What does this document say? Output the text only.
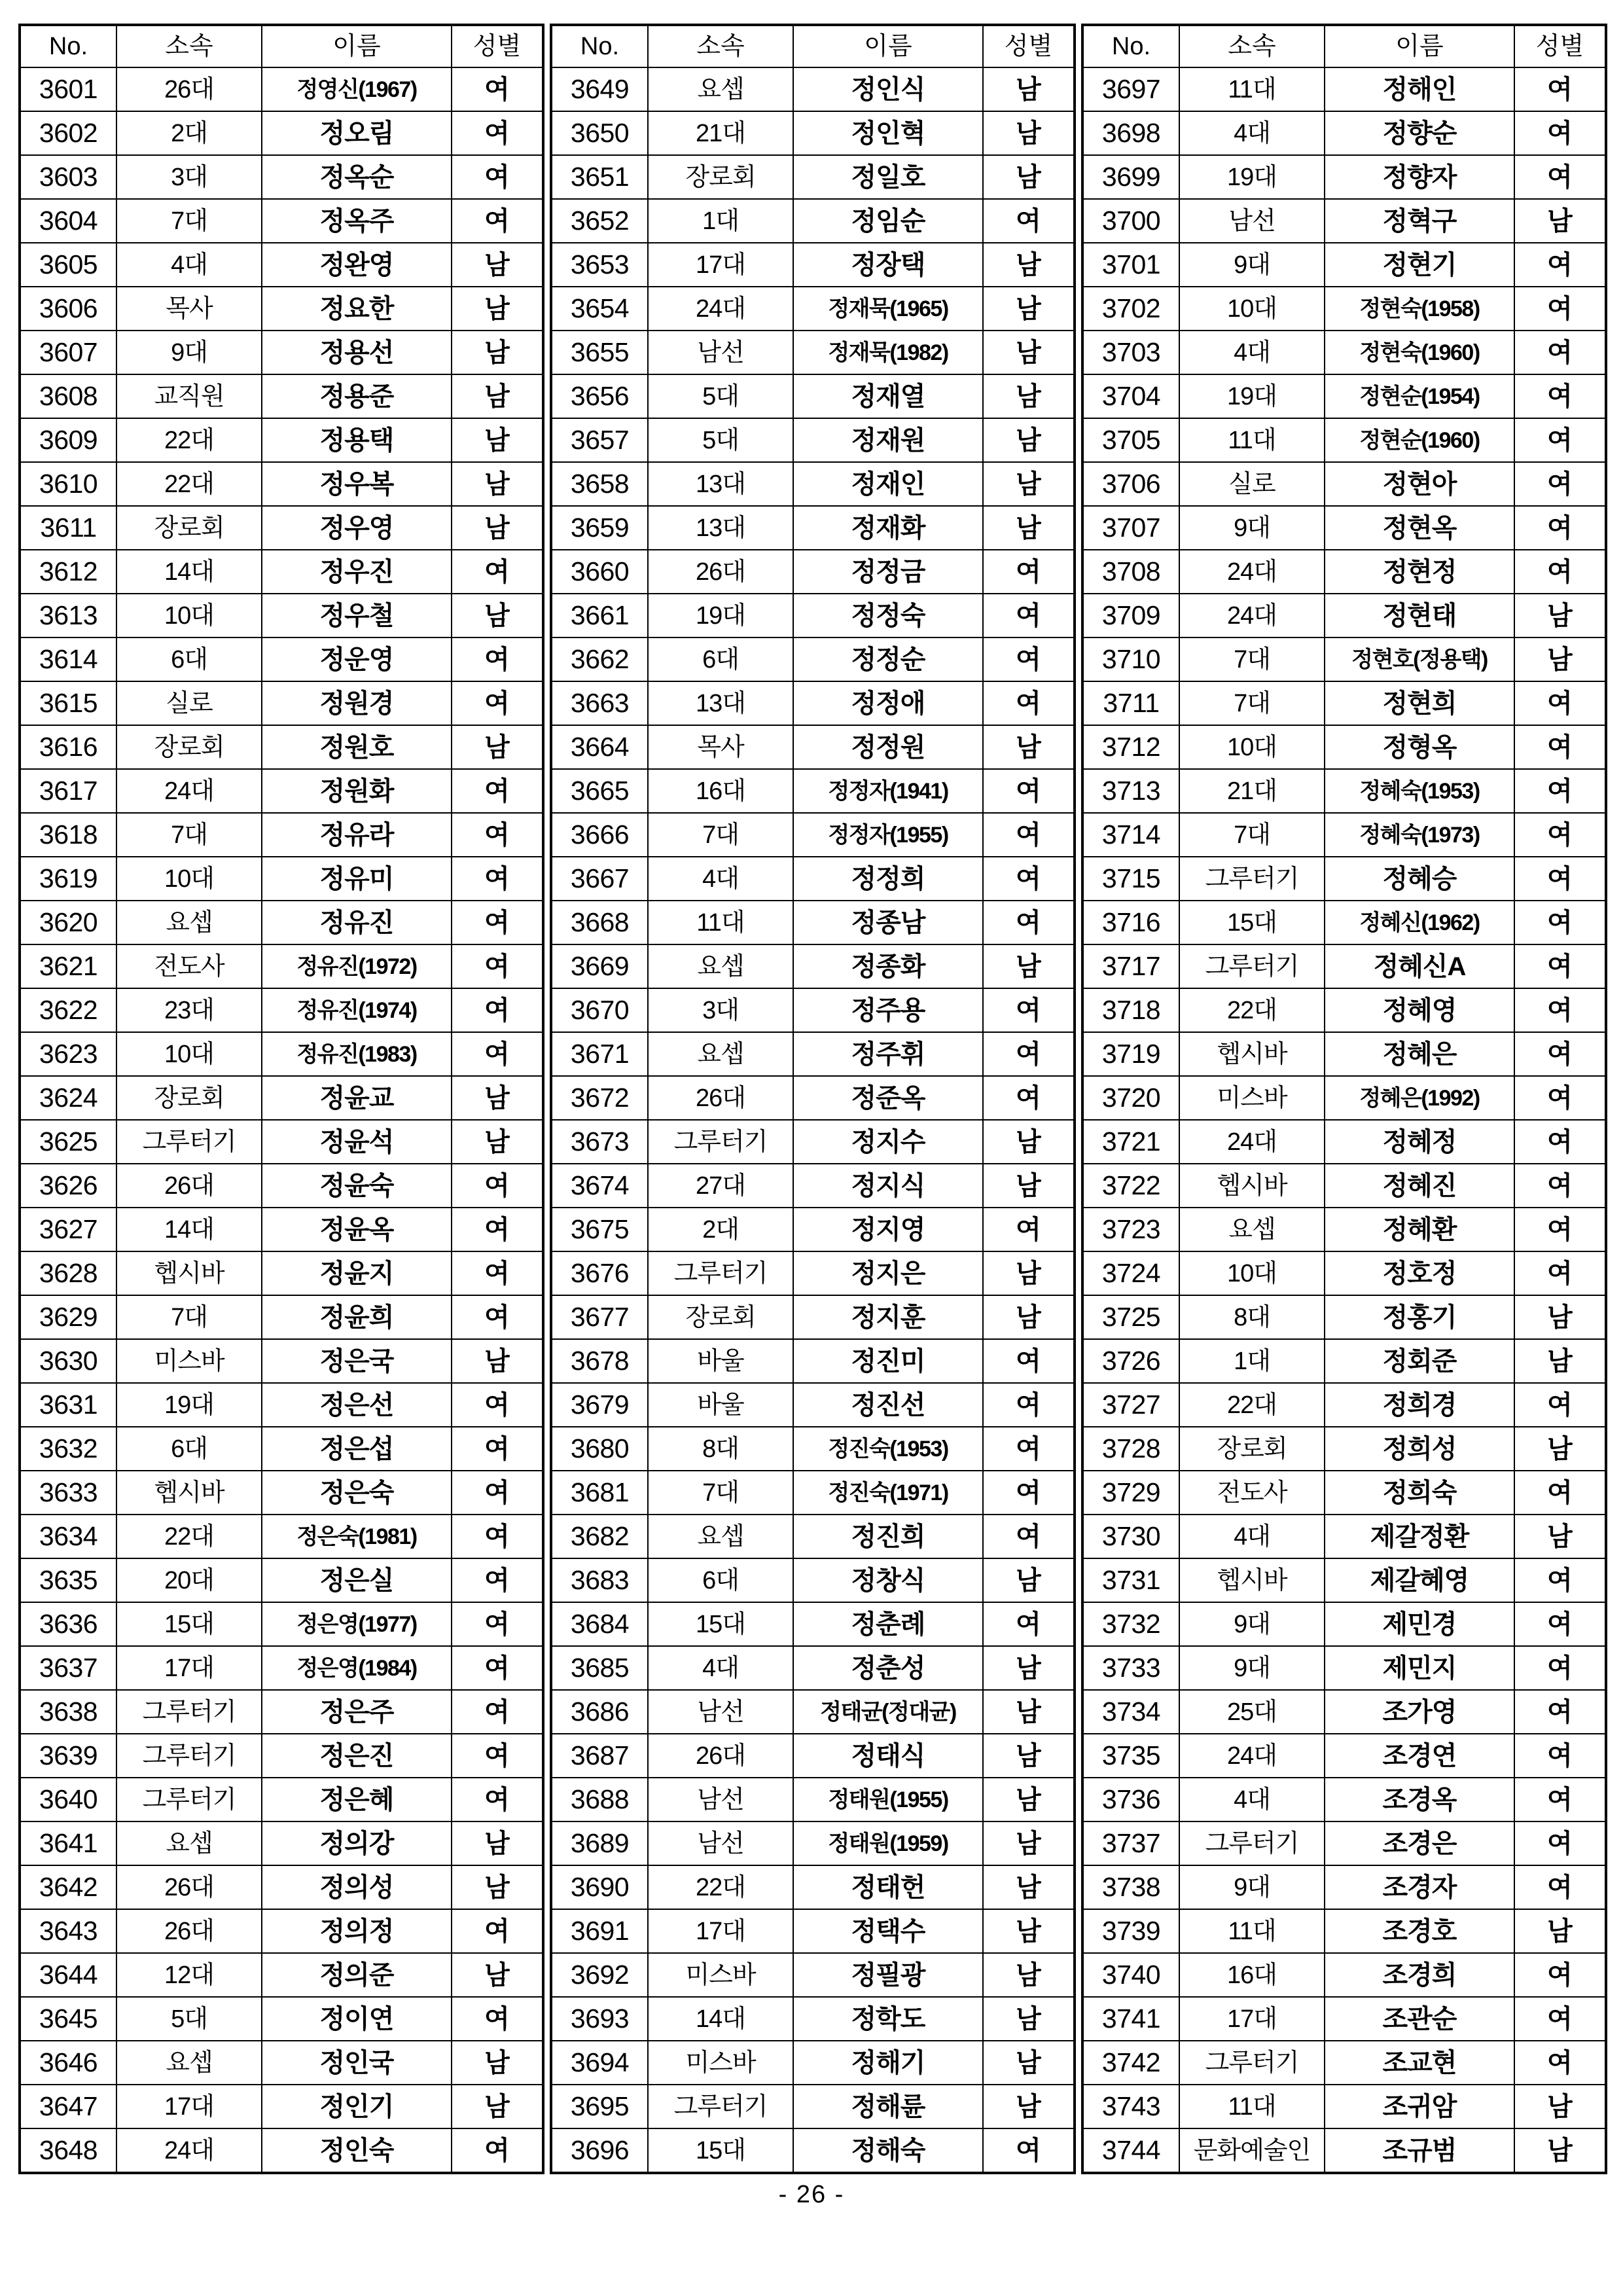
No.	소속	이름	성별
3601	26대	정영신(1967)	여
3602	2대	정오림	여
3603	3대	정옥순	여
3604	7대	정옥주	여
3605	4대	정완영	남
3606	목사	정요한	남
3607	9대	정용선	남
3608	교직원	정용준	남
3609	22대	정용택	남
3610	22대	정우복	남
3611	장로회	정우영	남
3612	14대	정우진	여
3613	10대	정우철	남
3614	6대	정운영	여
3615	실로	정원경	여
3616	장로회	정원호	남
3617	24대	정원화	여
3618	7대	정유라	여
3619	10대	정유미	여
3620	요셉	정유진	여
3621	전도사	정유진(1972)	여
3622	23대	정유진(1974)	여
3623	10대	정유진(1983)	여
3624	장로회	정윤교	남
3625	그루터기	정윤석	남
3626	26대	정윤숙	여
3627	14대	정윤옥	여
3628	헵시바	정윤지	여
3629	7대	정윤희	여
3630	미스바	정은국	남
3631	19대	정은선	여
3632	6대	정은섭	여
3633	헵시바	정은숙	여
3634	22대	정은숙(1981)	여
3635	20대	정은실	여
3636	15대	정은영(1977)	여
3637	17대	정은영(1984)	여
3638	그루터기	정은주	여
3639	그루터기	정은진	여
3640	그루터기	정은혜	여
3641	요셉	정의강	남
3642	26대	정의성	남
3643	26대	정의정	여
3644	12대	정의준	남
3645	5대	정이연	여
3646	요셉	정인국	남
3647	17대	정인기	남
3648	24대	정인숙	여
No.	소속	이름	성별
3649	요셉	정인식	남
3650	21대	정인혁	남
3651	장로회	정일호	남
3652	1대	정임순	여
3653	17대	정장택	남
3654	24대	정재묵(1965)	남
3655	남선	정재묵(1982)	남
3656	5대	정재열	남
3657	5대	정재원	남
3658	13대	정재인	남
3659	13대	정재화	남
3660	26대	정정금	여
3661	19대	정정숙	여
3662	6대	정정순	여
3663	13대	정정애	여
3664	목사	정정원	남
3665	16대	정정자(1941)	여
3666	7대	정정자(1955)	여
3667	4대	정정희	여
3668	11대	정종남	여
3669	요셉	정종화	남
3670	3대	정주용	여
3671	요셉	정주휘	여
3672	26대	정준옥	여
3673	그루터기	정지수	남
3674	27대	정지식	남
3675	2대	정지영	여
3676	그루터기	정지은	남
3677	장로회	정지훈	남
3678	바울	정진미	여
3679	바울	정진선	여
3680	8대	정진숙(1953)	여
3681	7대	정진숙(1971)	여
3682	요셉	정진희	여
3683	6대	정창식	남
3684	15대	정춘례	여
3685	4대	정춘성	남
3686	남선	정태균(정대균)	남
3687	26대	정태식	남
3688	남선	정태원(1955)	남
3689	남선	정태원(1959)	남
3690	22대	정태헌	남
3691	17대	정택수	남
3692	미스바	정필광	남
3693	14대	정학도	남
3694	미스바	정해기	남
3695	그루터기	정해륜	남
3696	15대	정해숙	여
No.	소속	이름	성별
3697	11대	정해인	여
3698	4대	정향순	여
3699	19대	정향자	여
3700	남선	정혁구	남
3701	9대	정현기	여
3702	10대	정현숙(1958)	여
3703	4대	정현숙(1960)	여
3704	19대	정현순(1954)	여
3705	11대	정현순(1960)	여
3706	실로	정현아	여
3707	9대	정현옥	여
3708	24대	정현정	여
3709	24대	정현태	남
3710	7대	정현호(정용택)	남
3711	7대	정현희	여
3712	10대	정형옥	여
3713	21대	정혜숙(1953)	여
3714	7대	정혜숙(1973)	여
3715	그루터기	정혜승	여
3716	15대	정혜신(1962)	여
3717	그루터기	정혜신A	여
3718	22대	정혜영	여
3719	헵시바	정혜은	여
3720	미스바	정혜은(1992)	여
3721	24대	정혜정	여
3722	헵시바	정혜진	여
3723	요셉	정혜환	여
3724	10대	정호정	여
3725	8대	정홍기	남
3726	1대	정회준	남
3727	22대	정희경	여
3728	장로회	정희성	남
3729	전도사	정희숙	여
3730	4대	제갈정환	남
3731	헵시바	제갈혜영	여
3732	9대	제민경	여
3733	9대	제민지	여
3734	25대	조가영	여
3735	24대	조경연	여
3736	4대	조경옥	여
3737	그루터기	조경은	여
3738	9대	조경자	여
3739	11대	조경호	남
3740	16대	조경희	여
3741	17대	조관순	여
3742	그루터기	조교현	여
3743	11대	조귀암	남
3744	문화예술인	조규범	남
- 26 -
